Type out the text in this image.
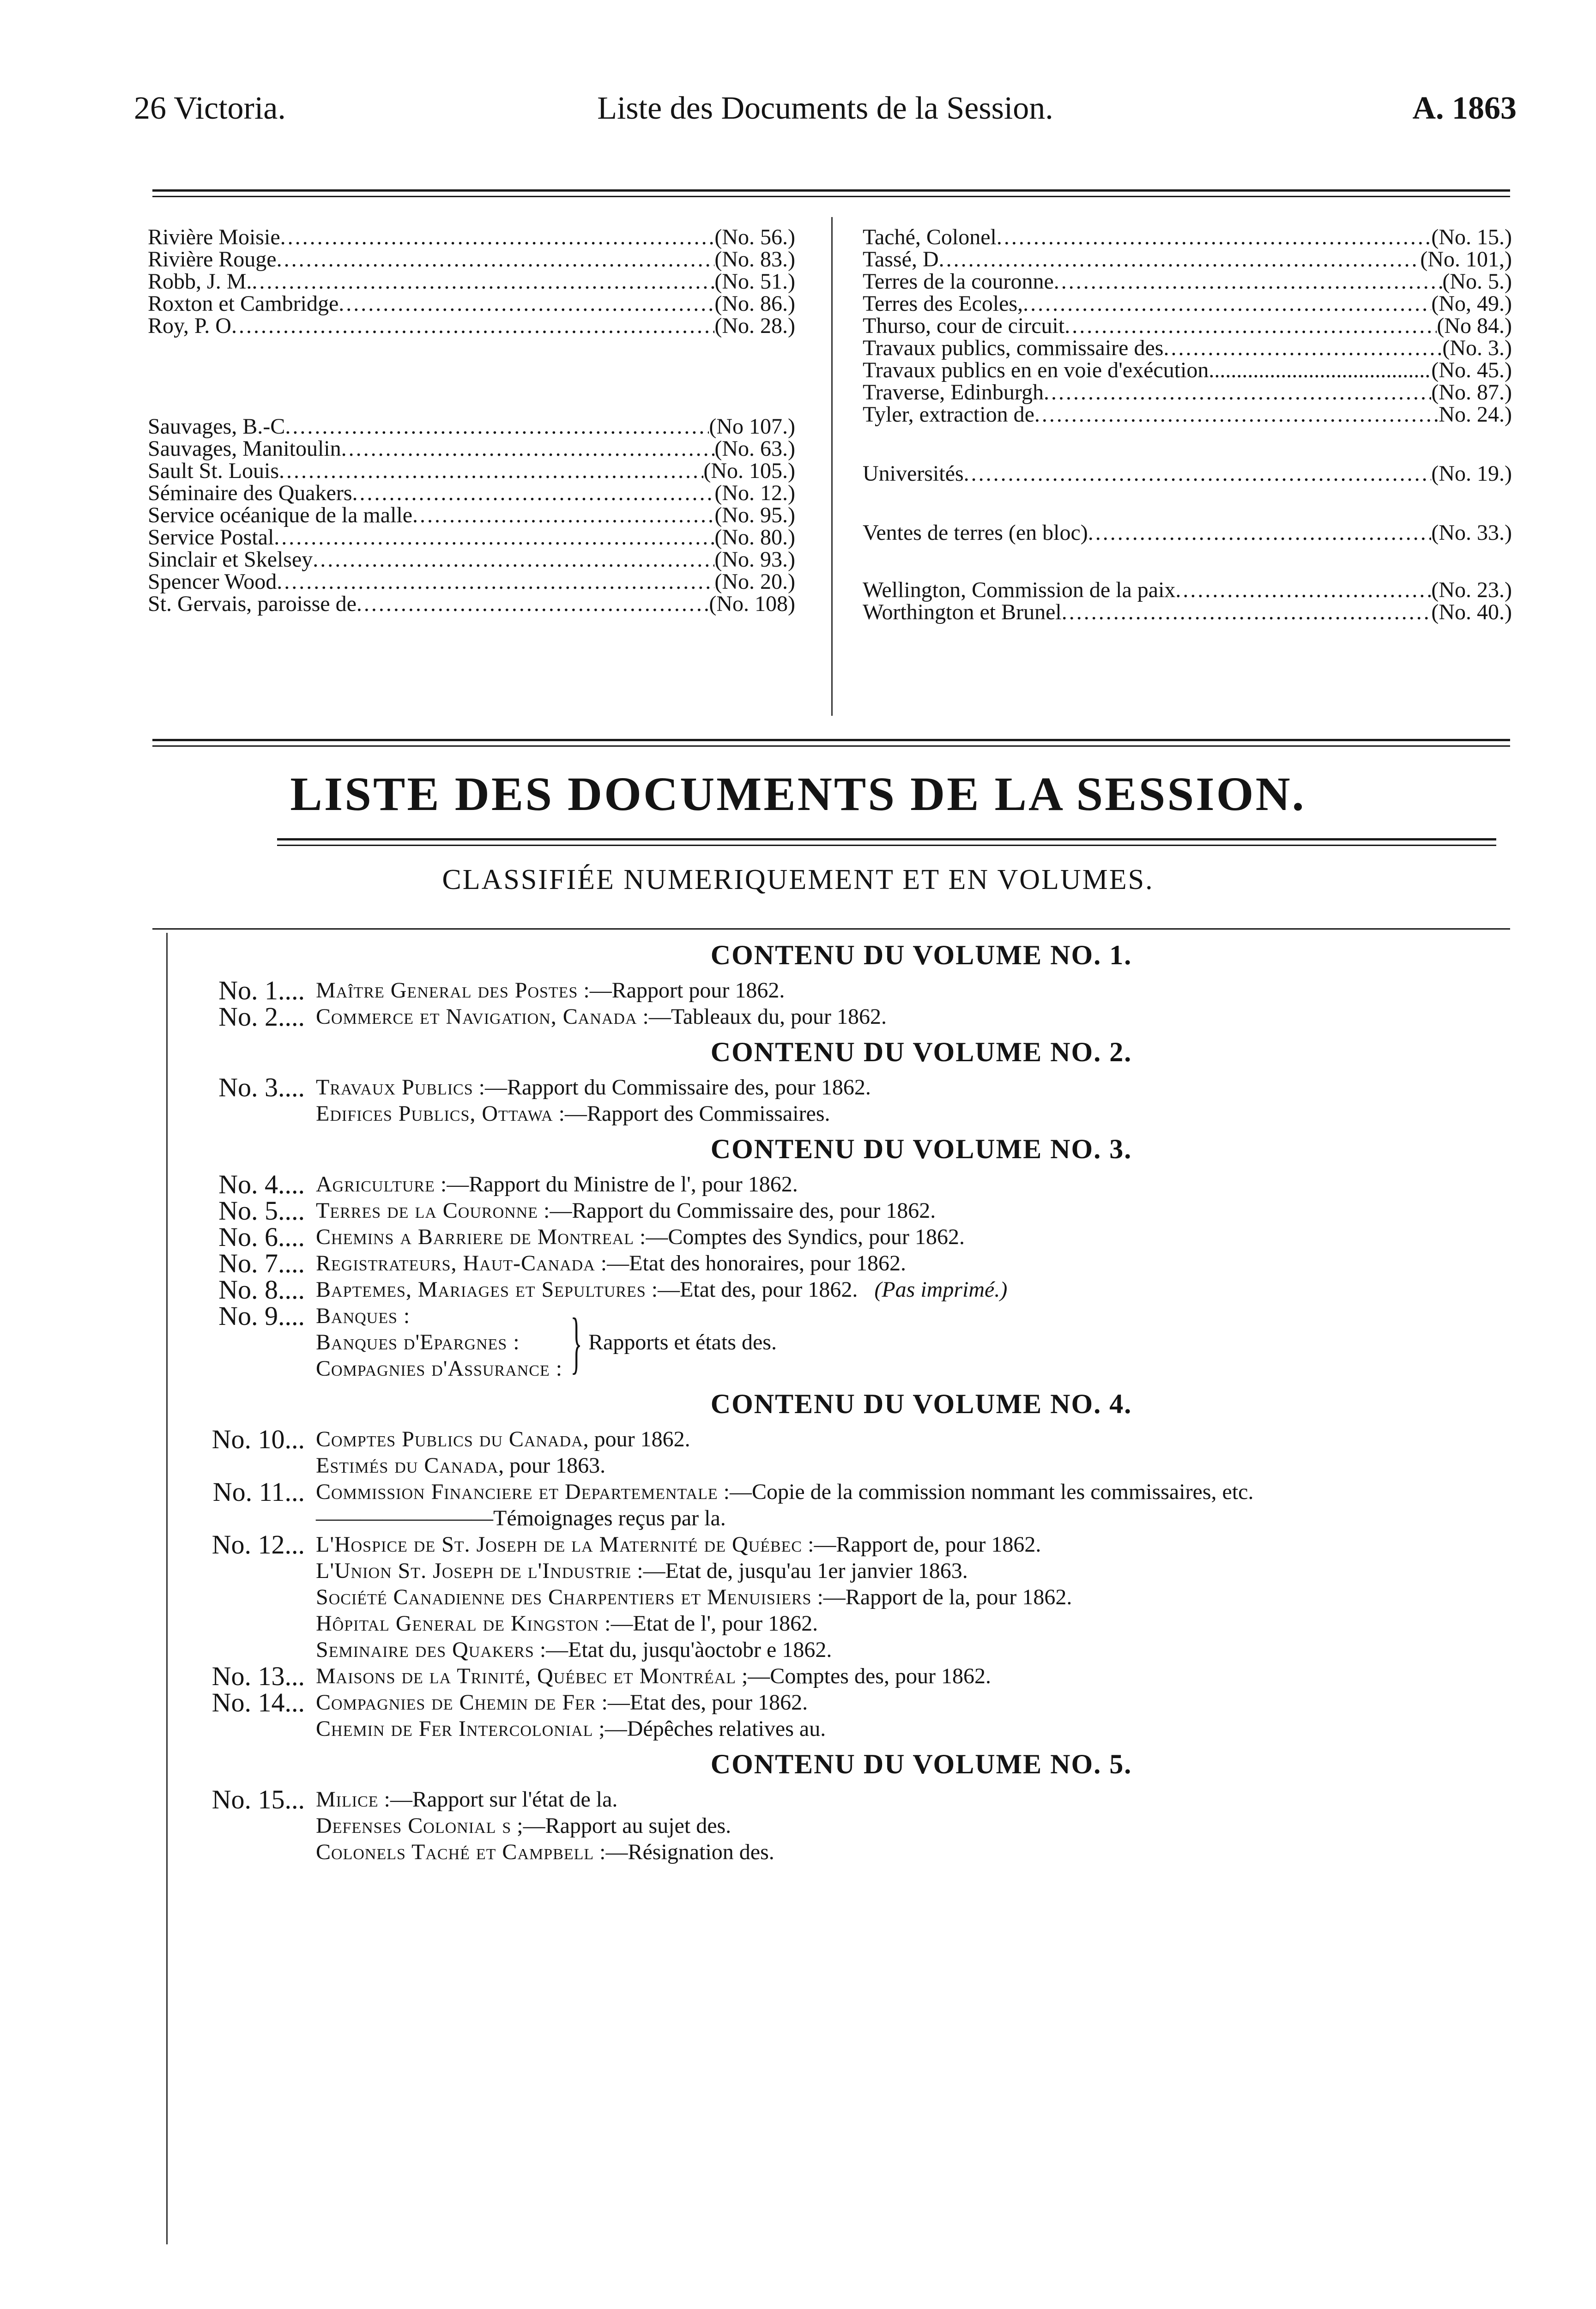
26 Victoria.	Liste des Documents de la Session.	A. 1863
Rivière Moisie .....	(No. 56.)
Rivière Rouge .....	(No. 83.)
Robb, J. M. .....	(No. 51.)
Roxton et Cambridge .....	(No. 86.)
Roy, P. O .....	(No. 28.)
Sauvages, B.-C .....	(No 107.)
Sauvages, Manitoulin .....	(No. 63.)
Sault St. Louis .....	(No. 105.)
Séminaire des Quakers .....	(No. 12.)
Service océanique de la malle .....	(No. 95.)
Service Postal .....	(No. 80.)
Sinclair et Skelsey .....	(No. 93.)
Spencer Wood .....	(No. 20.)
St. Gervais, paroisse de .....	(No. 108)
Taché, Colonel .....	(No. 15.)
Tassé, D .....	(No. 101,)
Terres de la couronne .....	(No. 5.)
Terres des Ecoles, .....	(No, 49.)
Thurso, cour de circuit .....	(No 84.)
Travaux publics, commissaire des .....	(No. 3.)
Travaux publics en en voie d'exécution .....	(No. 45.)
Traverse, Edinburgh .....	(No. 87.)
Tyler, extraction de .....	No. 24.)
Universités .....	(No. 19.)
Ventes de terres (en bloc) .....	(No. 33.)
Wellington, Commission de la paix .....	(No. 23.)
Worthington et Brunel .....	(No. 40.)
LISTE DES DOCUMENTS DE LA SESSION.
CLASSIFIÉE NUMERIQUEMENT ET EN VOLUMES.
CONTENU DU VOLUME NO. 1.
No. 1.... Maître General des Postes :—Rapport pour 1862.
No. 2.... Commerce et Navigation, Canada :—Tableaux du, pour 1862.
CONTENU DU VOLUME NO. 2.
No. 3.... Travaux Publics :—Rapport du Commissaire des, pour 1862.
Edifices Publics, Ottawa :—Rapport des Commissaires.
CONTENU DU VOLUME NO. 3.
No. 4.... Agriculture :—Rapport du Ministre de l', pour 1862.
No. 5.... Terres de la Couronne :—Rapport du Commissaire des, pour 1862.
No. 6.... Chemins a Barriere de Montreal :—Comptes des Syndics, pour 1862.
No. 7.... Registrateurs, Haut-Canada :—Etat des honoraires, pour 1862.
No. 8.... Baptemes, Mariages et Sepultures :—Etat des, pour 1862. (Pas imprimé.)
No. 9.... Banques :
Banques d'Epargnes :
Compagnies d'Assurance : } Rapports et états des.
CONTENU DU VOLUME NO. 4.
No. 10... Comptes Publics du Canada, pour 1862.
Estimés du Canada, pour 1863.
No. 11... Commission Financiere et Departementale :—Copie de la commission nommant les commissaires, etc.
————————Témoignages reçus par la.
No. 12... L'Hospice de St. Joseph de la Maternité de Québec :—Rapport de, pour 1862.
L'Union St. Joseph de l'Industrie :—Etat de, jusqu'au 1er janvier 1863.
Société Canadienne des Charpentiers et Menuisiers :—Rapport de la, pour 1862.
Hôpital General de Kingston :—Etat de l', pour 1862.
Seminaire des Quakers :—Etat du, jusqu'àoctobr e 1862.
No. 13... Maisons de la Trinité, Québec et Montréal ;—Comptes des, pour 1862.
No. 14... Compagnies de Chemin de Fer :—Etat des, pour 1862.
Chemin de Fer Intercolonial ;—Dépêches relatives au.
CONTENU DU VOLUME NO. 5.
No. 15... Milice :—Rapport sur l'état de la.
Defenses Colonial s ;—Rapport au sujet des.
Colonels Taché et Campbell :—Résignation des.
